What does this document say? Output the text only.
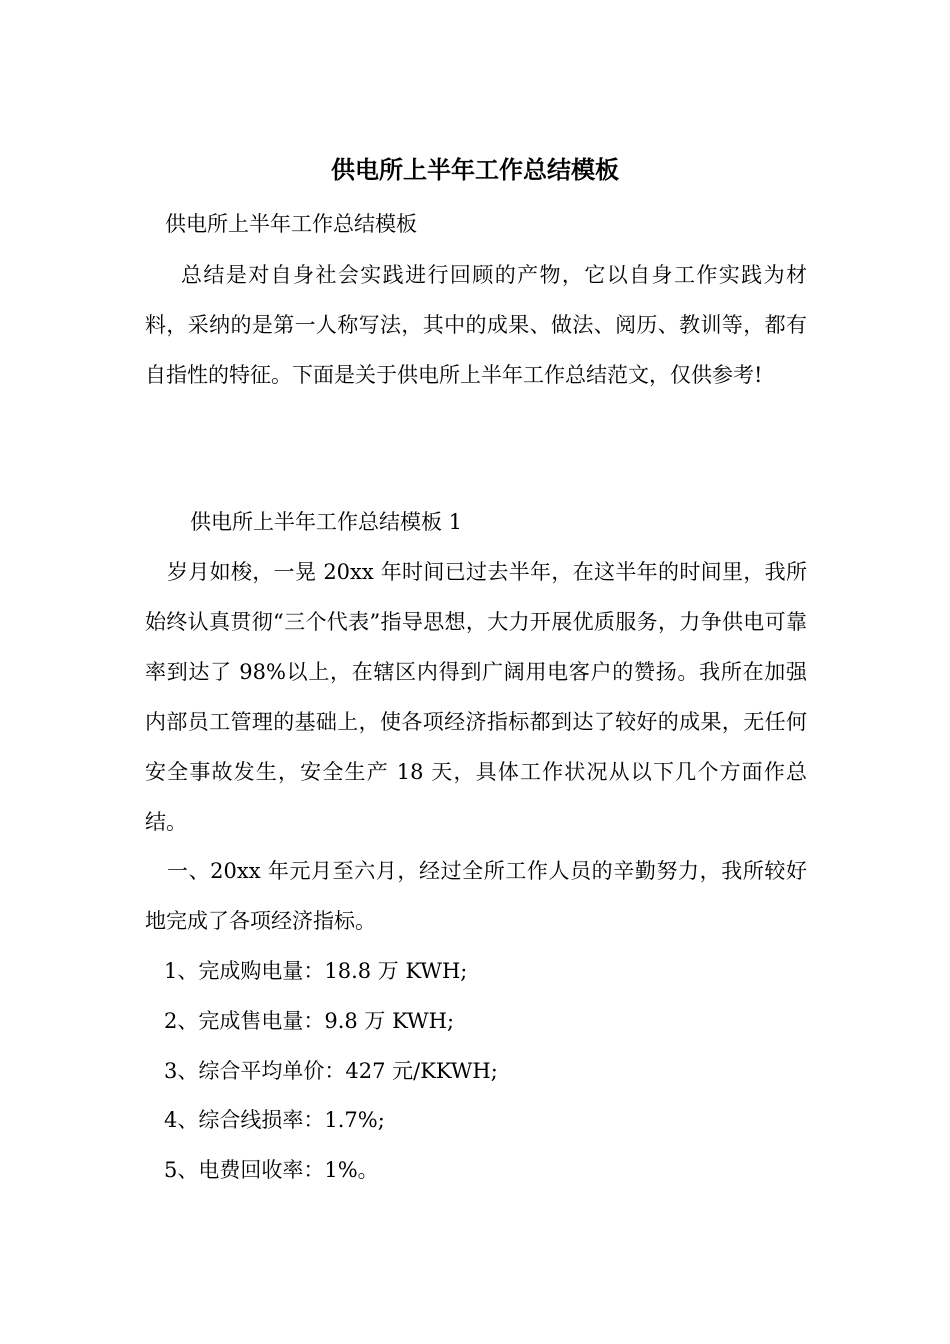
供电所上半年工作总结模板
供电所上半年工作总结模板
总结是对自身社会实践进行回顾的产物，它以自身工作实践为材料，采纳的是第一人称写法，其中的成果、做法、阅历、教训等，都有自指性的特征。下面是关于供电所上半年工作总结范文，仅供参考!
供电所上半年工作总结模板 1
岁月如梭，一晃 20xx 年时间已过去半年，在这半年的时间里，我所始终认真贯彻“三个代表”指导思想，大力开展优质服务，力争供电可靠率到达了 98%以上，在辖区内得到广阔用电客户的赞扬。我所在加强内部员工管理的基础上，使各项经济指标都到达了较好的成果，无任何安全事故发生，安全生产 18 天，具体工作状况从以下几个方面作总结。
一、20xx 年元月至六月，经过全所工作人员的辛勤努力，我所较好地完成了各项经济指标。
1、完成购电量：18.8 万 KWH;
2、完成售电量：9.8 万 KWH;
3、综合平均单价：427 元/KKWH;
4、综合线损率：1.7%;
5、电费回收率：1%。
